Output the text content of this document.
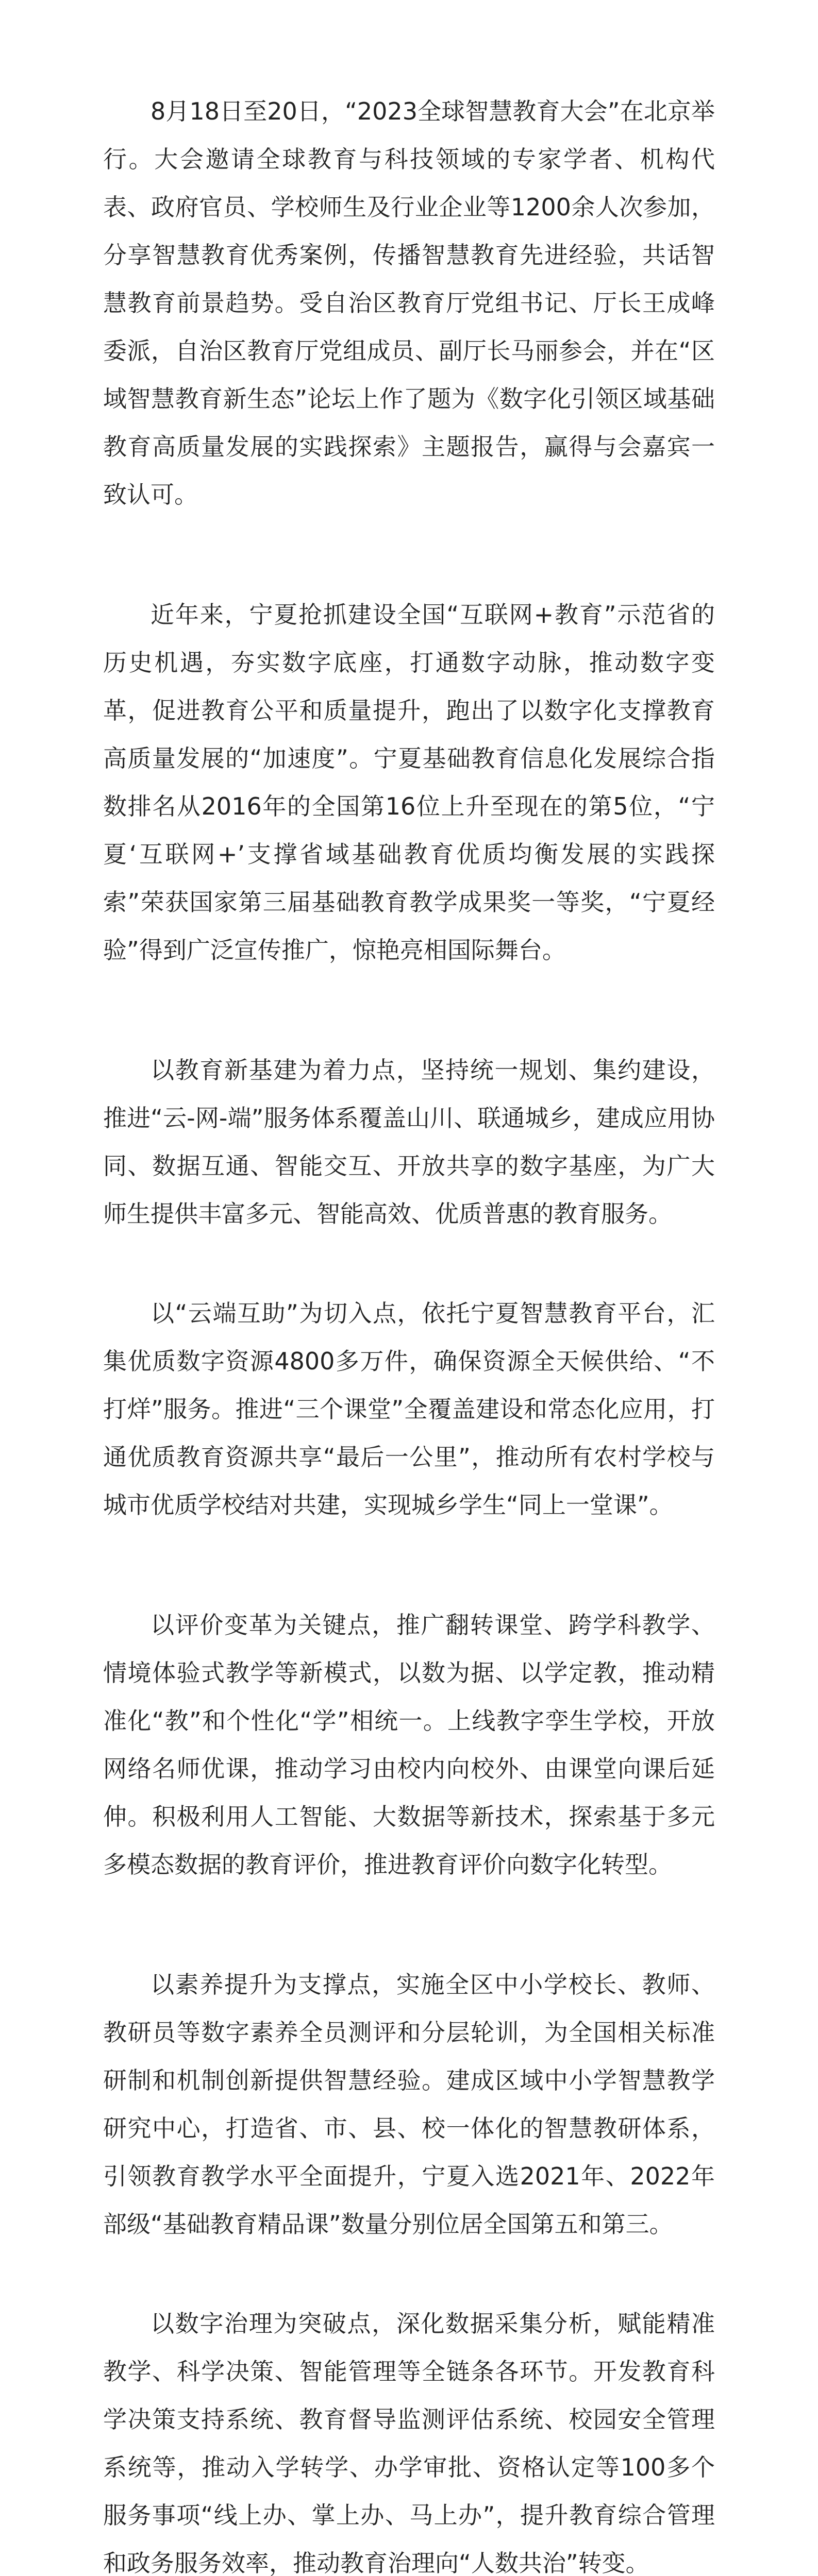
8月18日至20日，“2023全球智慧教育大会”在北京举行。大会邀请全球教育与科技领域的专家学者、机构代表、政府官员、学校师生及行业企业等1200余人次参加，分享智慧教育优秀案例，传播智慧教育先进经验，共话智慧教育前景趋势。受自治区教育厅党组书记、厅长王成峰委派，自治区教育厅党组成员、副厅长马丽参会，并在“区域智慧教育新生态”论坛上作了题为《数字化引领区域基础教育高质量发展的实践探索》主题报告，赢得与会嘉宾一致认可。

近年来，宁夏抢抓建设全国“互联网+教育”示范省的历史机遇，夯实数字底座，打通数字动脉，推动数字变革，促进教育公平和质量提升，跑出了以数字化支撑教育高质量发展的“加速度”。宁夏基础教育信息化发展综合指数排名从2016年的全国第16位上升至现在的第5位，“宁夏‘互联网+’支撑省域基础教育优质均衡发展的实践探索”荣获国家第三届基础教育教学成果奖一等奖，“宁夏经验”得到广泛宣传推广，惊艳亮相国际舞台。

以教育新基建为着力点，坚持统一规划、集约建设，推进“云-网-端”服务体系覆盖山川、联通城乡，建成应用协同、数据互通、智能交互、开放共享的数字基座，为广大师生提供丰富多元、智能高效、优质普惠的教育服务。

以“云端互助”为切入点，依托宁夏智慧教育平台，汇集优质数字资源4800多万件，确保资源全天候供给、“不打烊”服务。推进“三个课堂”全覆盖建设和常态化应用，打通优质教育资源共享“最后一公里”，推动所有农村学校与城市优质学校结对共建，实现城乡学生“同上一堂课”。

以评价变革为关键点，推广翻转课堂、跨学科教学、情境体验式教学等新模式，以数为据、以学定教，推动精准化“教”和个性化“学”相统一。上线教字孪生学校，开放网络名师优课，推动学习由校内向校外、由课堂向课后延伸。积极利用人工智能、大数据等新技术，探索基于多元多模态数据的教育评价，推进教育评价向数字化转型。

以素养提升为支撑点，实施全区中小学校长、教师、教研员等数字素养全员测评和分层轮训，为全国相关标准研制和机制创新提供智慧经验。建成区域中小学智慧教学研究中心，打造省、市、县、校一体化的智慧教研体系，引领教育教学水平全面提升，宁夏入选2021年、2022年部级“基础教育精品课”数量分别位居全国第五和第三。

以数字治理为突破点，深化数据采集分析，赋能精准教学、科学决策、智能管理等全链条各环节。开发教育科学决策支持系统、教育督导监测评估系统、校园安全管理系统等，推动入学转学、办学审批、资格认定等100多个服务事项“线上办、掌上办、马上办”，提升教育综合管理和政务服务效率，推动教育治理向“人数共治”转变。
